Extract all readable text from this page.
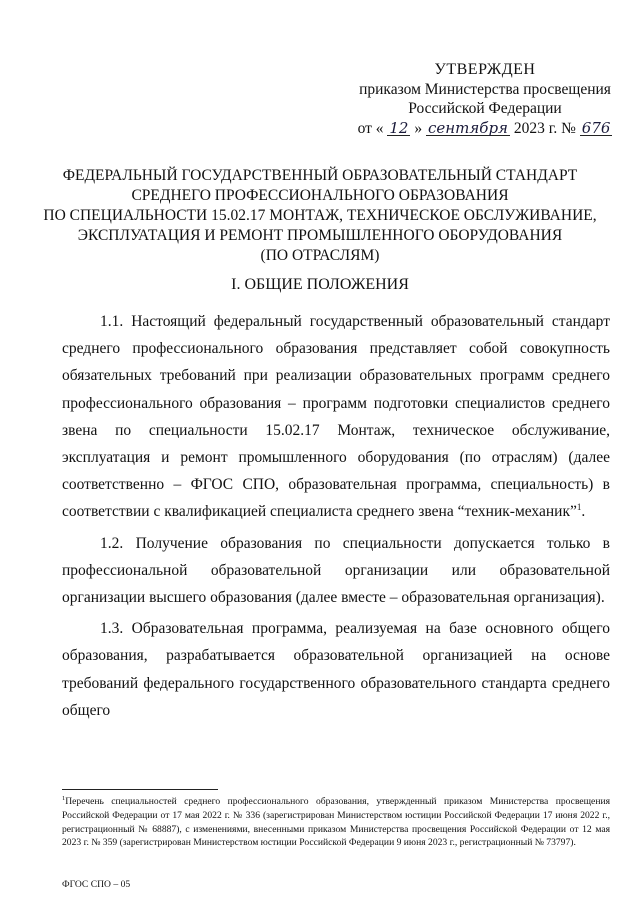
УТВЕРЖДЕН
приказом Министерства просвещения
Российской Федерации
от « 12 » сентября 2023 г. № 676
ФЕДЕРАЛЬНЫЙ ГОСУДАРСТВЕННЫЙ ОБРАЗОВАТЕЛЬНЫЙ СТАНДАРТ
СРЕДНЕГО ПРОФЕССИОНАЛЬНОГО ОБРАЗОВАНИЯ
ПО СПЕЦИАЛЬНОСТИ 15.02.17 МОНТАЖ, ТЕХНИЧЕСКОЕ ОБСЛУЖИВАНИЕ,
ЭКСПЛУАТАЦИЯ И РЕМОНТ ПРОМЫШЛЕННОГО ОБОРУДОВАНИЯ
(ПО ОТРАСЛЯМ)
I. ОБЩИЕ ПОЛОЖЕНИЯ

1.1. Настоящий федеральный государственный образовательный стандарт среднего профессионального образования представляет собой совокупность обязательных требований при реализации образовательных программ среднего профессионального образования – программ подготовки специалистов среднего звена по специальности 15.02.17 Монтаж, техническое обслуживание, эксплуатация и ремонт промышленного оборудования (по отраслям) (далее соответственно – ФГОС СПО, образовательная программа, специальность) в соответствии с квалификацией специалиста среднего звена “техник-механик”$^1$.

1.2. Получение образования по специальности допускается только в профессиональной образовательной организации или образовательной организации высшего образования (далее вместе – образовательная организация).

1.3. Образовательная программа, реализуемая на базе основного общего образования, разрабатывается образовательной организацией на основе требований федерального государственного образовательного стандарта среднего общего

$^1$Перечень специальностей среднего профессионального образования, утвержденный приказом Министерства просвещения Российской Федерации от 17 мая 2022 г. № 336 (зарегистрирован Министерством юстиции Российской Федерации 17 июня 2022 г., регистрационный № 68887), с изменениями, внесенными приказом Министерства просвещения Российской Федерации от 12 мая 2023 г. № 359 (зарегистрирован Министерством юстиции Российской Федерации 9 июня 2023 г., регистрационный № 73797).
ФГОС СПО – 05
